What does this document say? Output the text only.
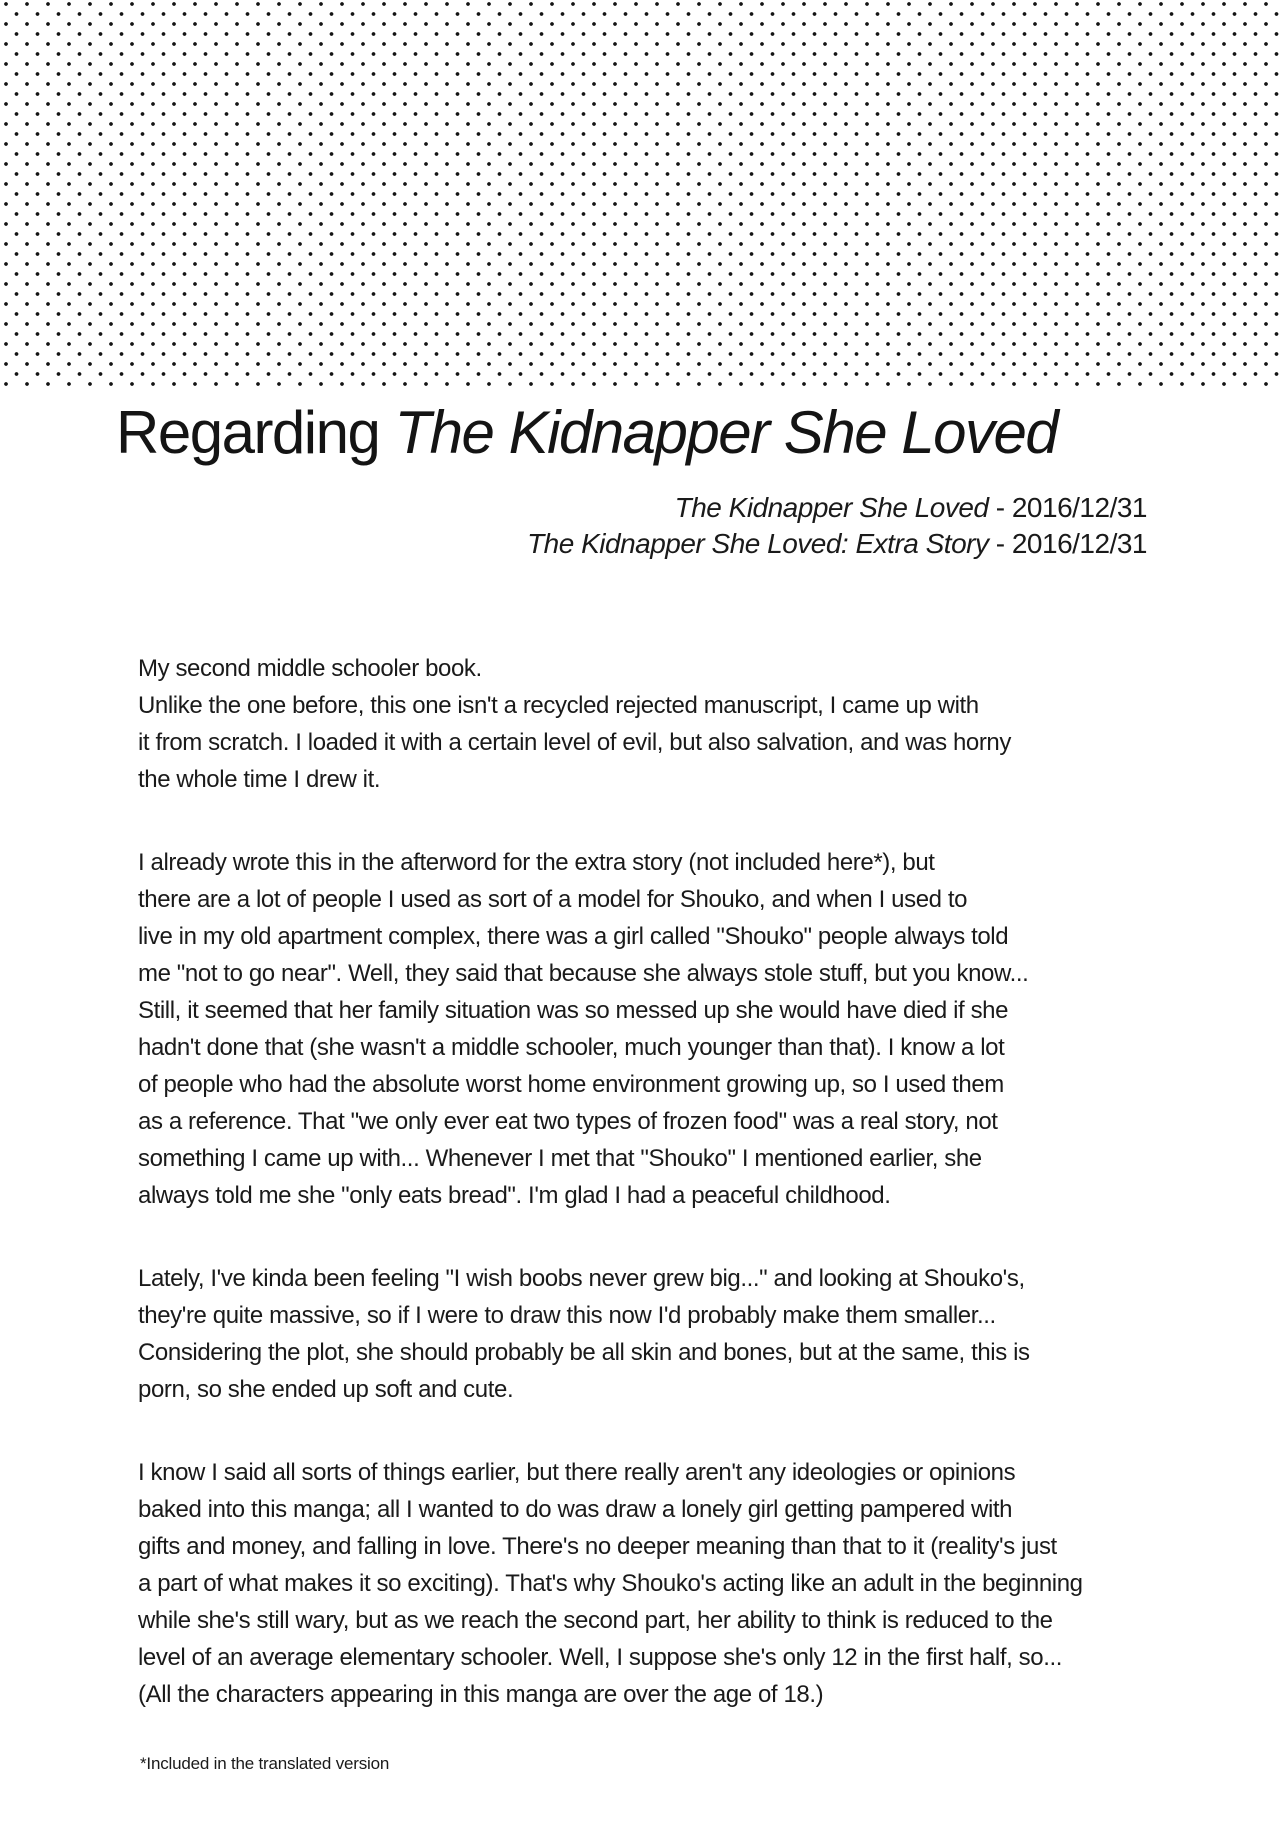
Regarding The Kidnapper She Loved
The Kidnapper She Loved - 2016/12/31
The Kidnapper She Loved: Extra Story - 2016/12/31

My second middle schooler book.
Unlike the one before, this one isn't a recycled rejected manuscript, I came up with
it from scratch. I loaded it with a certain level of evil, but also salvation, and was horny
the whole time I drew it.

I already wrote this in the afterword for the extra story (not included here*), but
there are a lot of people I used as sort of a model for Shouko, and when I used to
live in my old apartment complex, there was a girl called "Shouko" people always told
me "not to go near". Well, they said that because she always stole stuff, but you know...
Still, it seemed that her family situation was so messed up she would have died if she
hadn't done that (she wasn't a middle schooler, much younger than that). I know a lot
of people who had the absolute worst home environment growing up, so I used them
as a reference. That "we only ever eat two types of frozen food" was a real story, not
something I came up with... Whenever I met that "Shouko" I mentioned earlier, she
always told me she "only eats bread". I'm glad I had a peaceful childhood.

Lately, I've kinda been feeling "I wish boobs never grew big..." and looking at Shouko's,
they're quite massive, so if I were to draw this now I'd probably make them smaller...
Considering the plot, she should probably be all skin and bones, but at the same, this is
porn, so she ended up soft and cute.

I know I said all sorts of things earlier, but there really aren't any ideologies or opinions
baked into this manga; all I wanted to do was draw a lonely girl getting pampered with
gifts and money, and falling in love. There's no deeper meaning than that to it (reality's just
a part of what makes it so exciting). That's why Shouko's acting like an adult in the beginning
while she's still wary, but as we reach the second part, her ability to think is reduced to the
level of an average elementary schooler. Well, I suppose she's only 12 in the first half, so...
(All the characters appearing in this manga are over the age of 18.)

*Included in the translated version
